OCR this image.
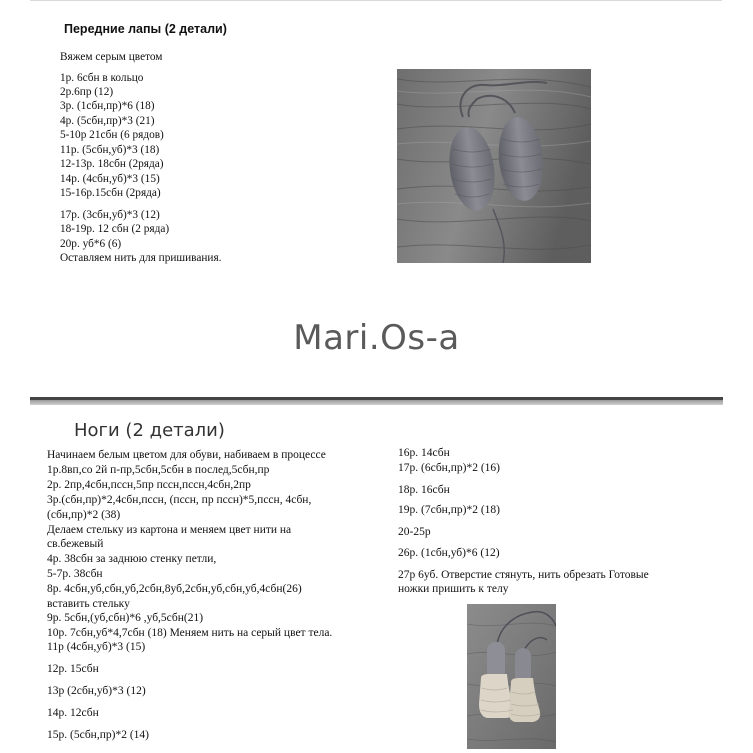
Передние лапы (2 детали)
Вяжем серым цветом
1р. 6сбн в кольцо
2р.6пр (12)
3р. (1сбн,пр)*6 (18)
4р. (5сбн,пр)*3 (21)
5-10р 21сбн (6 рядов)
11р. (5сбн,уб)*3 (18)
12-13р. 18сбн (2ряда)
14р. (4сбн,уб)*3 (15)
15-16р.15сбн (2ряда)
17р. (3сбн,уб)*3 (12)
18-19р. 12 сбн (2 ряда)
20р. уб*6 (6)
Оставляем нить для пришивания.
Mari.Os-a
Ноги (2 детали)
Начинаем белым цветом для обуви, набиваем в процессе
1р.8вп,со 2й п-пр,5сбн,5сбн в послед,5сбн,пр
2р. 2пр,4сбн,псcн,5пр псcн,псcн,4сбн,2пр
3р.(сбн,пр)*2,4сбн,псcн, (псcн, пр псcн)*5,псcн, 4сбн,
(сбн,пр)*2 (38)
Делаем стельку из картона и меняем цвет нити на
св.бежевый
4р. 38сбн за заднюю стенку петли,
5-7р. 38сбн
8р. 4сбн,уб,сбн,уб,2сбн,8уб,2сбн,уб,сбн,уб,4сбн(26)
вставить стельку
9р. 5сбн,(уб,сбн)*6 ,уб,5сбн(21)
10р. 7сбн,уб*4,7сбн (18) Меняем нить на серый цвет тела.
11р (4сбн,уб)*3 (15)
12р. 15сбн
13р (2сбн,уб)*3 (12)
14р. 12сбн
15р. (5сбн,пр)*2 (14)
16р. 14сбн
17р. (6сбн,пр)*2 (16)
18р. 16сбн
19р. (7сбн,пр)*2 (18)
20-25р
26р. (1сбн,уб)*6 (12)
27р 6уб. Отверстие стянуть, нить обрезать Готовые
ножки пришить к телу
